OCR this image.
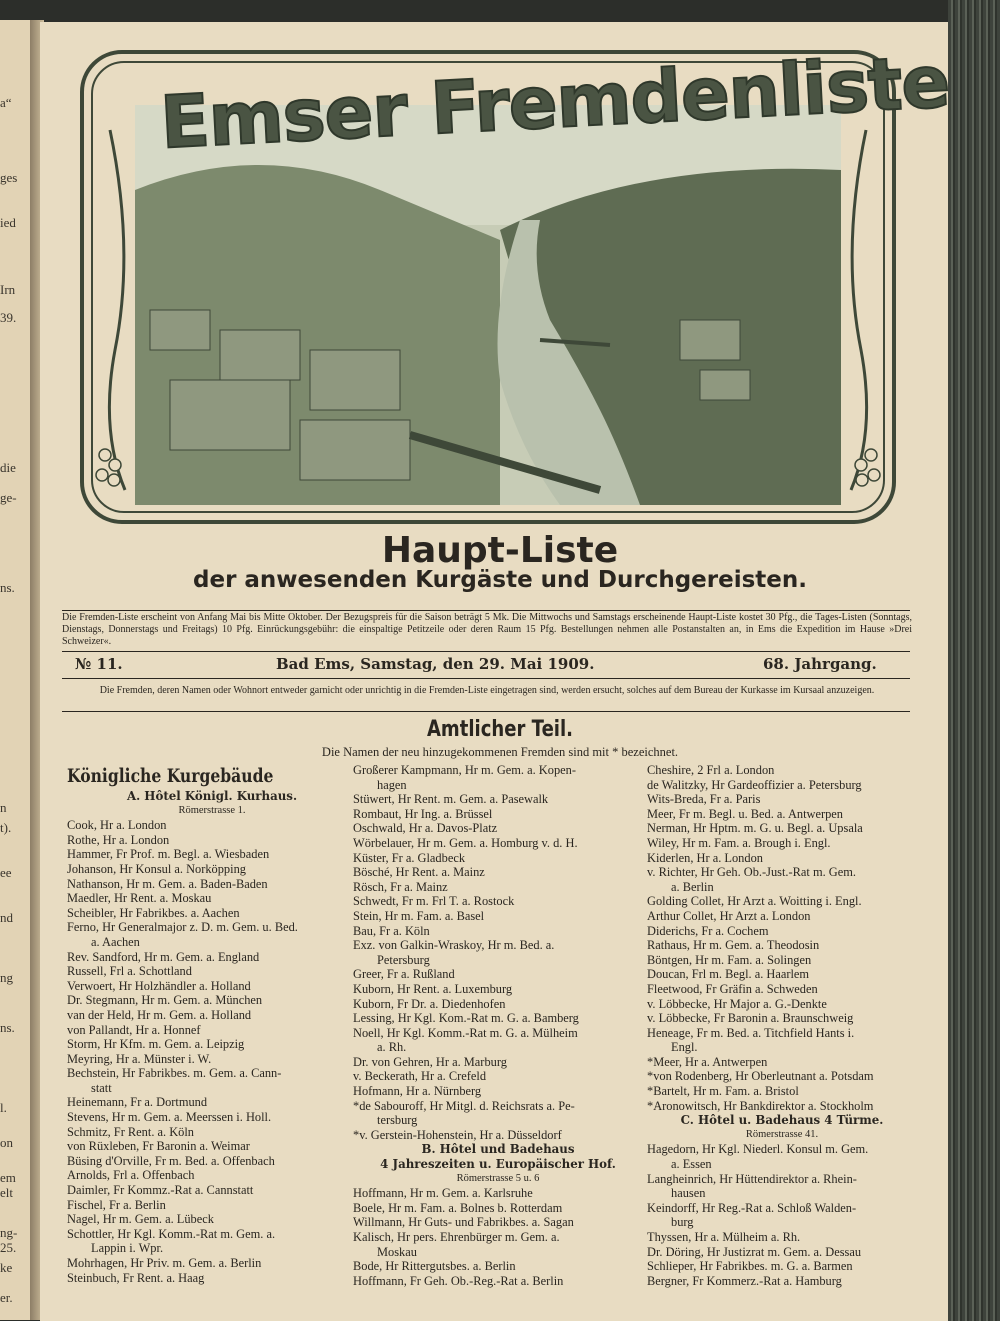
a“
ges
ied
Irn
39.
die
ge-
ns.
n
t).
ee
nd
ng
ns.
l.
on
em
elt
ng-
25.
ke
er.
Emser Fremdenliste
Haupt-Liste
der anwesenden Kurgäste und Durchgereisten.
Die Fremden-Liste erscheint von Anfang Mai bis Mitte Oktober. Der Bezugspreis für die Saison beträgt 5 Mk. Die Mittwochs und Samstags erscheinende Haupt-Liste kostet 30 Pfg., die Tages-Listen (Sonntags, Dienstags, Donnerstags und Freitags) 10 Pfg. Einrückungsgebühr: die einspaltige Petitzeile oder deren Raum 15 Pfg. Bestellungen nehmen alle Postanstalten an, in Ems die Expedition im Hause »Drei Schweizer«.
№ 11.	Bad Ems, Samstag, den 29. Mai 1909.	68. Jahrgang.
Die Fremden, deren Namen oder Wohnort entweder garnicht oder unrichtig in die Fremden-Liste eingetragen sind, werden ersucht, solches auf dem Bureau der Kurkasse im Kursaal anzuzeigen.
Amtlicher Teil.
Die Namen der neu hinzugekommenen Fremden sind mit * bezeichnet.
Königliche Kurgebäude
A. Hôtel Königl. Kurhaus.
Römerstrasse 1.
Cook, Hr a. London
Rothe, Hr a. London
Hammer, Fr Prof. m. Begl. a. Wiesbaden
Johanson, Hr Konsul a. Norköpping
Nathanson, Hr m. Gem. a. Baden-Baden
Maedler, Hr Rent. a. Moskau
Scheibler, Hr Fabrikbes. a. Aachen
Ferno, Hr Generalmajor z. D. m. Gem. u. Bed.
a. Aachen
Rev. Sandford, Hr m. Gem. a. England
Russell, Frl a. Schottland
Verwoert, Hr Holzhändler a. Holland
Dr. Stegmann, Hr m. Gem. a. München
van der Held, Hr m. Gem. a. Holland
von Pallandt, Hr a. Honnef
Storm, Hr Kfm. m. Gem. a. Leipzig
Meyring, Hr a. Münster i. W.
Bechstein, Hr Fabrikbes. m. Gem. a. Cann-
statt
Heinemann, Fr a. Dortmund
Stevens, Hr m. Gem. a. Meerssen i. Holl.
Schmitz, Fr Rent. a. Köln
von Rüxleben, Fr Baronin a. Weimar
Büsing d'Orville, Fr m. Bed. a. Offenbach
Arnolds, Frl a. Offenbach
Daimler, Fr Kommz.-Rat a. Cannstatt
Fischel, Fr a. Berlin
Nagel, Hr m. Gem. a. Lübeck
Schottler, Hr Kgl. Komm.-Rat m. Gem. a.
Lappin i. Wpr.
Mohrhagen, Hr Priv. m. Gem. a. Berlin
Steinbuch, Fr Rent. a. Haag
Großerer Kampmann, Hr m. Gem. a. Kopen-
hagen
Stüwert, Hr Rent. m. Gem. a. Pasewalk
Rombaut, Hr Ing. a. Brüssel
Oschwald, Hr a. Davos-Platz
Wörbelauer, Hr m. Gem. a. Homburg v. d. H.
Küster, Fr a. Gladbeck
Bösché, Hr Rent. a. Mainz
Rösch, Fr a. Mainz
Schwedt, Fr m. Frl T. a. Rostock
Stein, Hr m. Fam. a. Basel
Bau, Fr a. Köln
Exz. von Galkin-Wraskoy, Hr m. Bed. a.
Petersburg
Greer, Fr a. Rußland
Kuborn, Hr Rent. a. Luxemburg
Kuborn, Fr Dr. a. Diedenhofen
Lessing, Hr Kgl. Kom.-Rat m. G. a. Bamberg
Noell, Hr Kgl. Komm.-Rat m. G. a. Mülheim
a. Rh.
Dr. von Gehren, Hr a. Marburg
v. Beckerath, Hr a. Crefeld
Hofmann, Hr a. Nürnberg
*de Sabouroff, Hr Mitgl. d. Reichsrats a. Pe-
tersburg
*v. Gerstein-Hohenstein, Hr a. Düsseldorf
B. Hôtel und Badehaus
4 Jahreszeiten u. Europäischer Hof.
Römerstrasse 5 u. 6
Hoffmann, Hr m. Gem. a. Karlsruhe
Boele, Hr m. Fam. a. Bolnes b. Rotterdam
Willmann, Hr Guts- und Fabrikbes. a. Sagan
Kalisch, Hr pers. Ehrenbürger m. Gem. a.
Moskau
Bode, Hr Rittergutsbes. a. Berlin
Hoffmann, Fr Geh. Ob.-Reg.-Rat a. Berlin
Cheshire, 2 Frl a. London
de Walitzky, Hr Gardeoffizier a. Petersburg
Wits-Breda, Fr a. Paris
Meer, Fr m. Begl. u. Bed. a. Antwerpen
Nerman, Hr Hptm. m. G. u. Begl. a. Upsala
Wiley, Hr m. Fam. a. Brough i. Engl.
Kiderlen, Hr a. London
v. Richter, Hr Geh. Ob.-Just.-Rat m. Gem.
a. Berlin
Golding Collet, Hr Arzt a. Woitting i. Engl.
Arthur Collet, Hr Arzt a. London
Diderichs, Fr a. Cochem
Rathaus, Hr m. Gem. a. Theodosin
Böntgen, Hr m. Fam. a. Solingen
Doucan, Frl m. Begl. a. Haarlem
Fleetwood, Fr Gräfin a. Schweden
v. Löbbecke, Hr Major a. G.-Denkte
v. Löbbecke, Fr Baronin a. Braunschweig
Heneage, Fr m. Bed. a. Titchfield Hants i.
Engl.
*Meer, Hr a. Antwerpen
*von Rodenberg, Hr Oberleutnant a. Potsdam
*Bartelt, Hr m. Fam. a. Bristol
*Aronowitsch, Hr Bankdirektor a. Stockholm
C. Hôtel u. Badehaus 4 Türme.
Römerstrasse 41.
Hagedorn, Hr Kgl. Niederl. Konsul m. Gem.
a. Essen
Langheinrich, Hr Hüttendirektor a. Rhein-
hausen
Keindorff, Hr Reg.-Rat a. Schloß Walden-
burg
Thyssen, Hr a. Mülheim a. Rh.
Dr. Döring, Hr Justizrat m. Gem. a. Dessau
Schlieper, Hr Fabrikbes. m. G. a. Barmen
Bergner, Fr Kommerz.-Rat a. Hamburg
